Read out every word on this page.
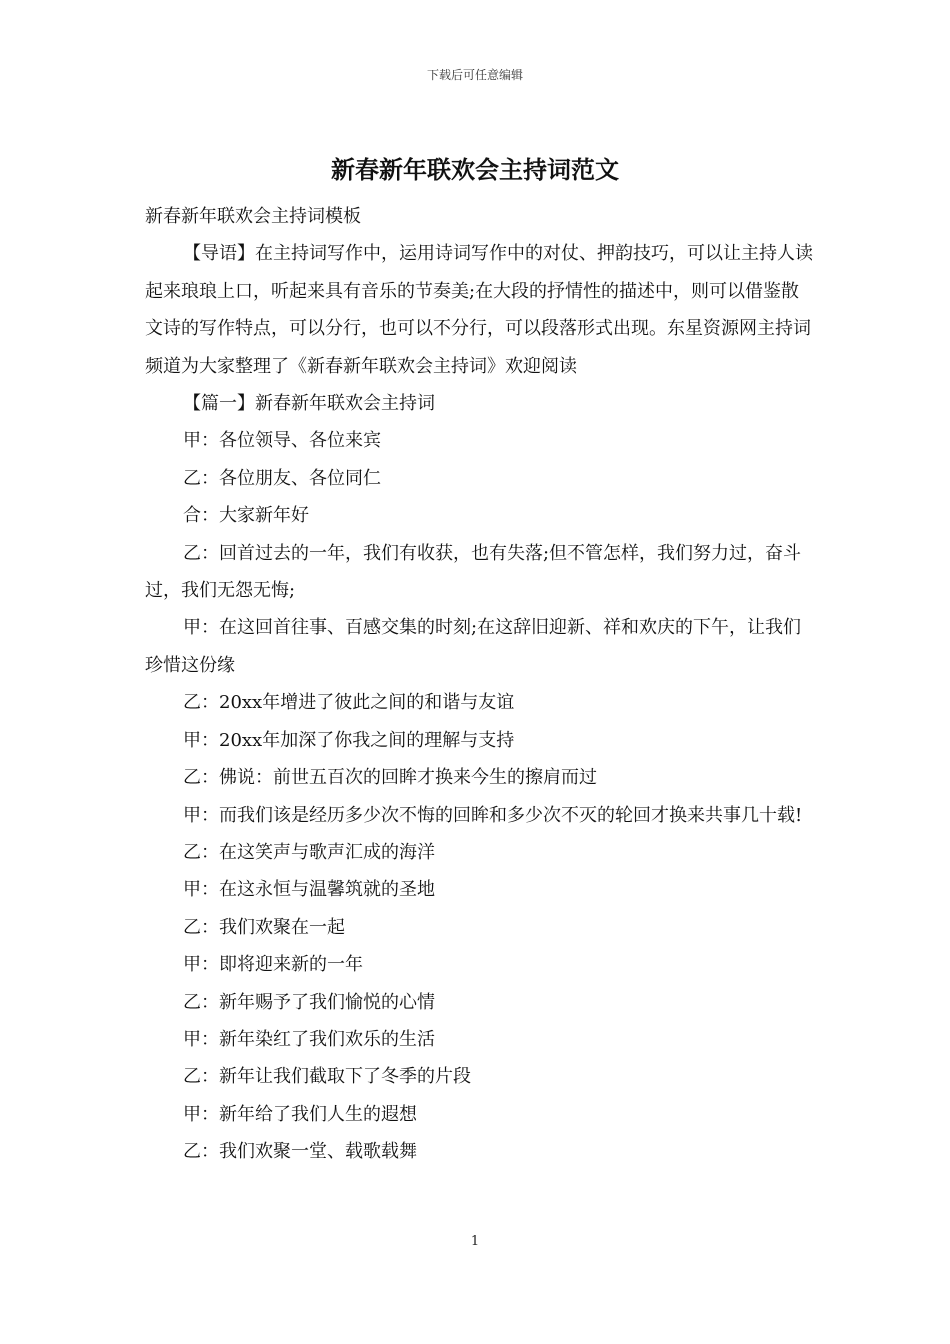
下载后可任意编辑
新春新年联欢会主持词范文

新春新年联欢会主持词模板

【导语】在主持词写作中，运用诗词写作中的对仗、押韵技巧，可以让主持人读起来琅琅上口，听起来具有音乐的节奏美;在大段的抒情性的描述中，则可以借鉴散文诗的写作特点，可以分行，也可以不分行，可以段落形式出现。东星资源网主持词频道为大家整理了《新春新年联欢会主持词》欢迎阅读

【篇一】新春新年联欢会主持词

甲：各位领导、各位来宾

乙：各位朋友、各位同仁

合：大家新年好

乙：回首过去的一年，我们有收获，也有失落;但不管怎样，我们努力过，奋斗过，我们无怨无悔;

甲：在这回首往事、百感交集的时刻;在这辞旧迎新、祥和欢庆的下午，让我们珍惜这份缘

乙：20xx年增进了彼此之间的和谐与友谊

甲：20xx年加深了你我之间的理解与支持

乙：佛说：前世五百次的回眸才换来今生的擦肩而过

甲：而我们该是经历多少次不悔的回眸和多少次不灭的轮回才换来共事几十载!

乙：在这笑声与歌声汇成的海洋

甲：在这永恒与温馨筑就的圣地

乙：我们欢聚在一起

甲：即将迎来新的一年

乙：新年赐予了我们愉悦的心情

甲：新年染红了我们欢乐的生活

乙：新年让我们截取下了冬季的片段

甲：新年给了我们人生的遐想

乙：我们欢聚一堂、载歌载舞

1
